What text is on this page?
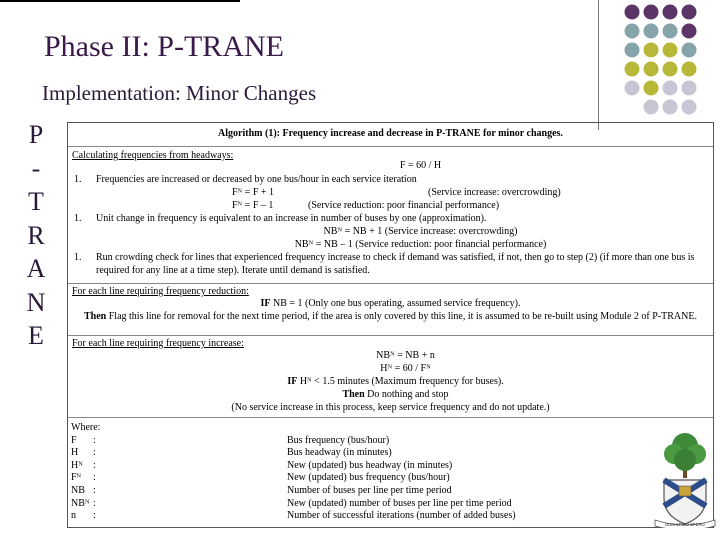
Phase II: P-TRANE
Implementation: Minor Changes
P
-
T
R
A
N
E
Algorithm (1): Frequency increase and decrease in P-TRANE for minor changes.
Calculating frequencies from headways:
F = 60 / H
1. Frequencies are increased or decreased by one bus/hour in each service iteration
Fᴺ = F + 1	(Service increase: overcrowding)
Fᴺ = F – 1	(Service reduction: poor financial performance)
1. Unit change in frequency is equivalent to an increase in number of buses by one (approximation).
NBᴺ = NB + 1 (Service increase: overcrowding)
NBᴺ = NB – 1 (Service reduction: poor financial performance)
1. Run crowding check for lines that experienced frequency increase to check if demand was satisfied, if not, then go to step (2) (if more than one bus is required for any line at a time step). Iterate until demand is satisfied.
For each line requiring frequency reduction:
IF NB = 1 (Only one bus operating, assumed service frequency).
Then Flag this line for removal for the next time period, if the area is only covered by this line, it is assumed to be re-built using Module 2 of P-TRANE.
For each line requiring frequency increase:
NBᴺ = NB + n
Hᴺ = 60 / Fᴺ
IF Hᴺ < 1.5 minutes (Maximum frequency for buses).
Then Do nothing and stop
(No service increase in this process, keep service frequency and do not update.)
Where:
F :	Bus frequency (bus/hour)
H :	Bus headway (in minutes)
Hᴺ :	New (updated) bus headway (in minutes)
Fᴺ :	New (updated) bus frequency (bus/hour)
NB :	Number of buses per line per time period
NBᴺ :	New (updated) number of buses per line per time period
n :	Number of successful iterations (number of added buses)
DUM SPIRO SPERO
